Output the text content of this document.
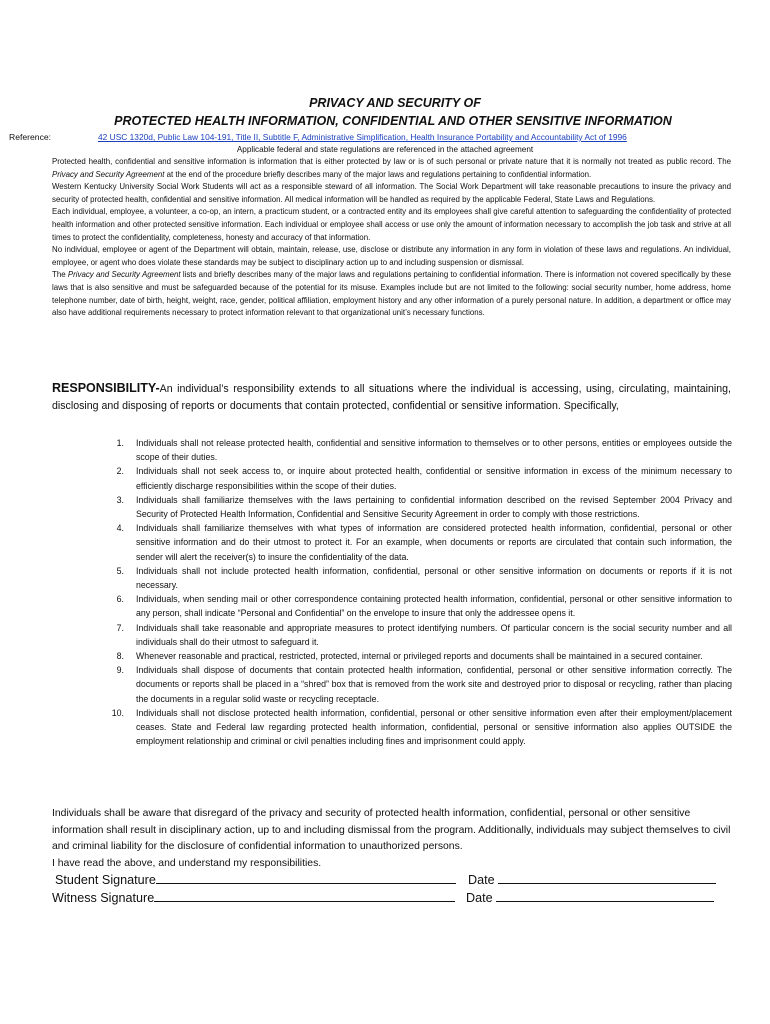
PRIVACY AND SECURITY OF
PROTECTED HEALTH INFORMATION, CONFIDENTIAL AND OTHER SENSITIVE INFORMATION
Reference:	42 USC 1320d, Public Law 104-191, Title II, Subtitle F, Administrative Simplification, Health Insurance Portability and Accountability Act of 1996
Applicable federal and state regulations are referenced in the attached agreement

Protected health, confidential and sensitive information is information that is either protected by law or is of such personal or private nature that it is normally not treated as public record. The Privacy and Security Agreement at the end of the procedure briefly describes many of the major laws and regulations pertaining to confidential information.

Western Kentucky University Social Work Students will act as a responsible steward of all information. The Social Work Department will take reasonable precautions to insure the privacy and security of protected health, confidential and sensitive information. All medical information will be handled as required by the applicable Federal, State Laws and Regulations.

Each individual, employee, a volunteer, a co-op, an intern, a practicum student, or a contracted entity and its employees shall give careful attention to safeguarding the confidentiality of protected health information and other protected sensitive information. Each individual or employee shall access or use only the amount of information necessary to accomplish the job task and strive at all times to protect the confidentiality, completeness, honesty and accuracy of that information.

No individual, employee or agent of the Department will obtain, maintain, release, use, disclose or distribute any information in any form in violation of these laws and regulations. An individual, employee, or agent who does violate these standards may be subject to disciplinary action up to and including suspension or dismissal.

The Privacy and Security Agreement lists and briefly describes many of the major laws and regulations pertaining to confidential information. There is information not covered specifically by these laws that is also sensitive and must be safeguarded because of the potential for its misuse. Examples include but are not limited to the following: social security number, home address, home telephone number, date of birth, height, weight, race, gender, political affiliation, employment history and any other information of a purely personal nature. In addition, a department or office may also have additional requirements necessary to protect information relevant to that organizational unit’s necessary functions.

RESPONSIBILITY-An individual’s responsibility extends to all situations where the individual is accessing, using, circulating, maintaining, disclosing and disposing of reports or documents that contain protected, confidential or sensitive information. Specifically,
1. Individuals shall not release protected health, confidential and sensitive information to themselves or to other persons, entities or employees outside the scope of their duties.
2. Individuals shall not seek access to, or inquire about protected health, confidential or sensitive information in excess of the minimum necessary to efficiently discharge responsibilities within the scope of their duties.
3. Individuals shall familiarize themselves with the laws pertaining to confidential information described on the revised September 2004 Privacy and Security of Protected Health Information, Confidential and Sensitive Security Agreement in order to comply with those restrictions.
4. Individuals shall familiarize themselves with what types of information are considered protected health information, confidential, personal or other sensitive information and do their utmost to protect it. For an example, when documents or reports are circulated that contain such information, the sender will alert the receiver(s) to insure the confidentiality of the data.
5. Individuals shall not include protected health information, confidential, personal or other sensitive information on documents or reports if it is not necessary.
6. Individuals, when sending mail or other correspondence containing protected health information, confidential, personal or other sensitive information to any person, shall indicate “Personal and Confidential” on the envelope to insure that only the addressee opens it.
7. Individuals shall take reasonable and appropriate measures to protect identifying numbers. Of particular concern is the social security number and all individuals shall do their utmost to safeguard it.
8. Whenever reasonable and practical, restricted, protected, internal or privileged reports and documents shall be maintained in a secured container.
9. Individuals shall dispose of documents that contain protected health information, confidential, personal or other sensitive information correctly. The documents or reports shall be placed in a “shred” box that is removed from the work site and destroyed prior to disposal or recycling, rather than placing the documents in a regular solid waste or recycling receptacle.
10. Individuals shall not disclose protected health information, confidential, personal or other sensitive information even after their employment/placement ceases. State and Federal law regarding protected health information, confidential, personal or sensitive information also applies OUTSIDE the employment relationship and criminal or civil penalties including fines and imprisonment could apply.

Individuals shall be aware that disregard of the privacy and security of protected health information, confidential, personal or other sensitive information shall result in disciplinary action, up to and including dismissal from the program. Additionally, individuals may subject themselves to civil and criminal liability for the disclosure of confidential information to unauthorized persons.

I have read the above, and understand my responsibilities.

Student Signature	Date
Witness Signature	Date
